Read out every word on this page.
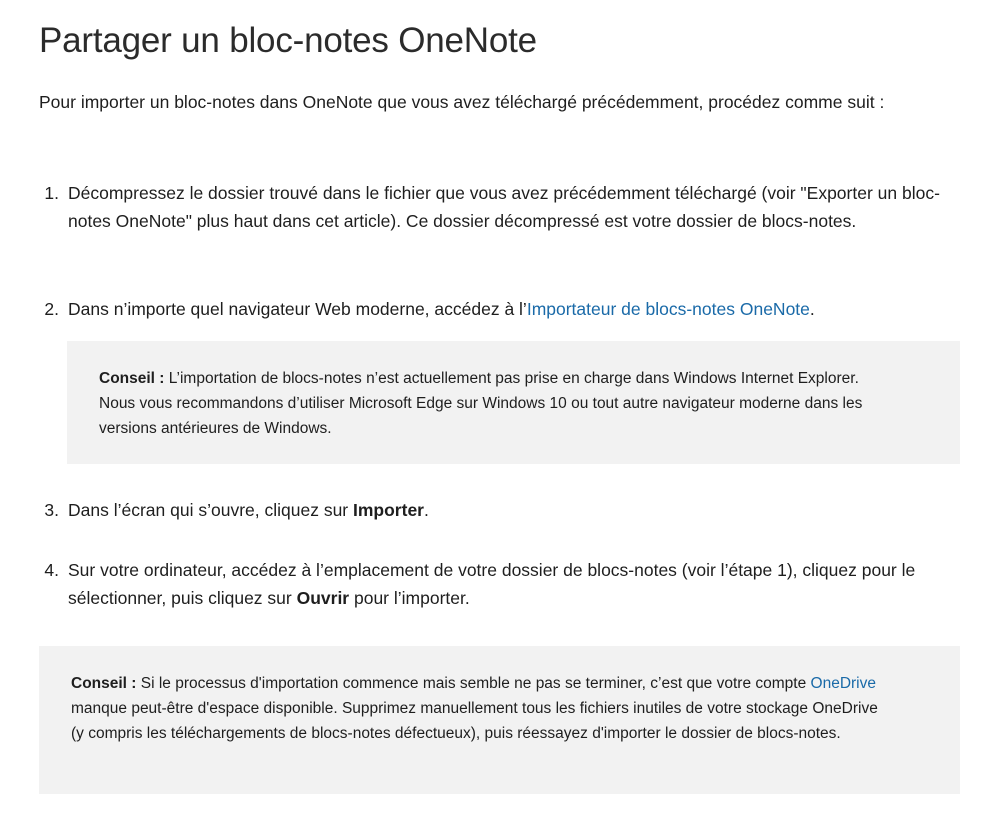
Partager un bloc-notes OneNote

Pour importer un bloc-notes dans OneNote que vous avez téléchargé précédemment, procédez comme suit :

1. Décompressez le dossier trouvé dans le fichier que vous avez précédemment téléchargé (voir "Exporter un bloc-notes OneNote" plus haut dans cet article). Ce dossier décompressé est votre dossier de blocs-notes.
2. Dans n’importe quel navigateur Web moderne, accédez à l’Importateur de blocs-notes OneNote.
Conseil : L’importation de blocs-notes n’est actuellement pas prise en charge dans Windows Internet Explorer. Nous vous recommandons d’utiliser Microsoft Edge sur Windows 10 ou tout autre navigateur moderne dans les versions antérieures de Windows.
3. Dans l’écran qui s’ouvre, cliquez sur Importer.
4. Sur votre ordinateur, accédez à l’emplacement de votre dossier de blocs-notes (voir l’étape 1), cliquez pour le sélectionner, puis cliquez sur Ouvrir pour l’importer.
Conseil : Si le processus d'importation commence mais semble ne pas se terminer, c’est que votre compte OneDrive manque peut-être d'espace disponible. Supprimez manuellement tous les fichiers inutiles de votre stockage OneDrive (y compris les téléchargements de blocs-notes défectueux), puis réessayez d'importer le dossier de blocs-notes.
